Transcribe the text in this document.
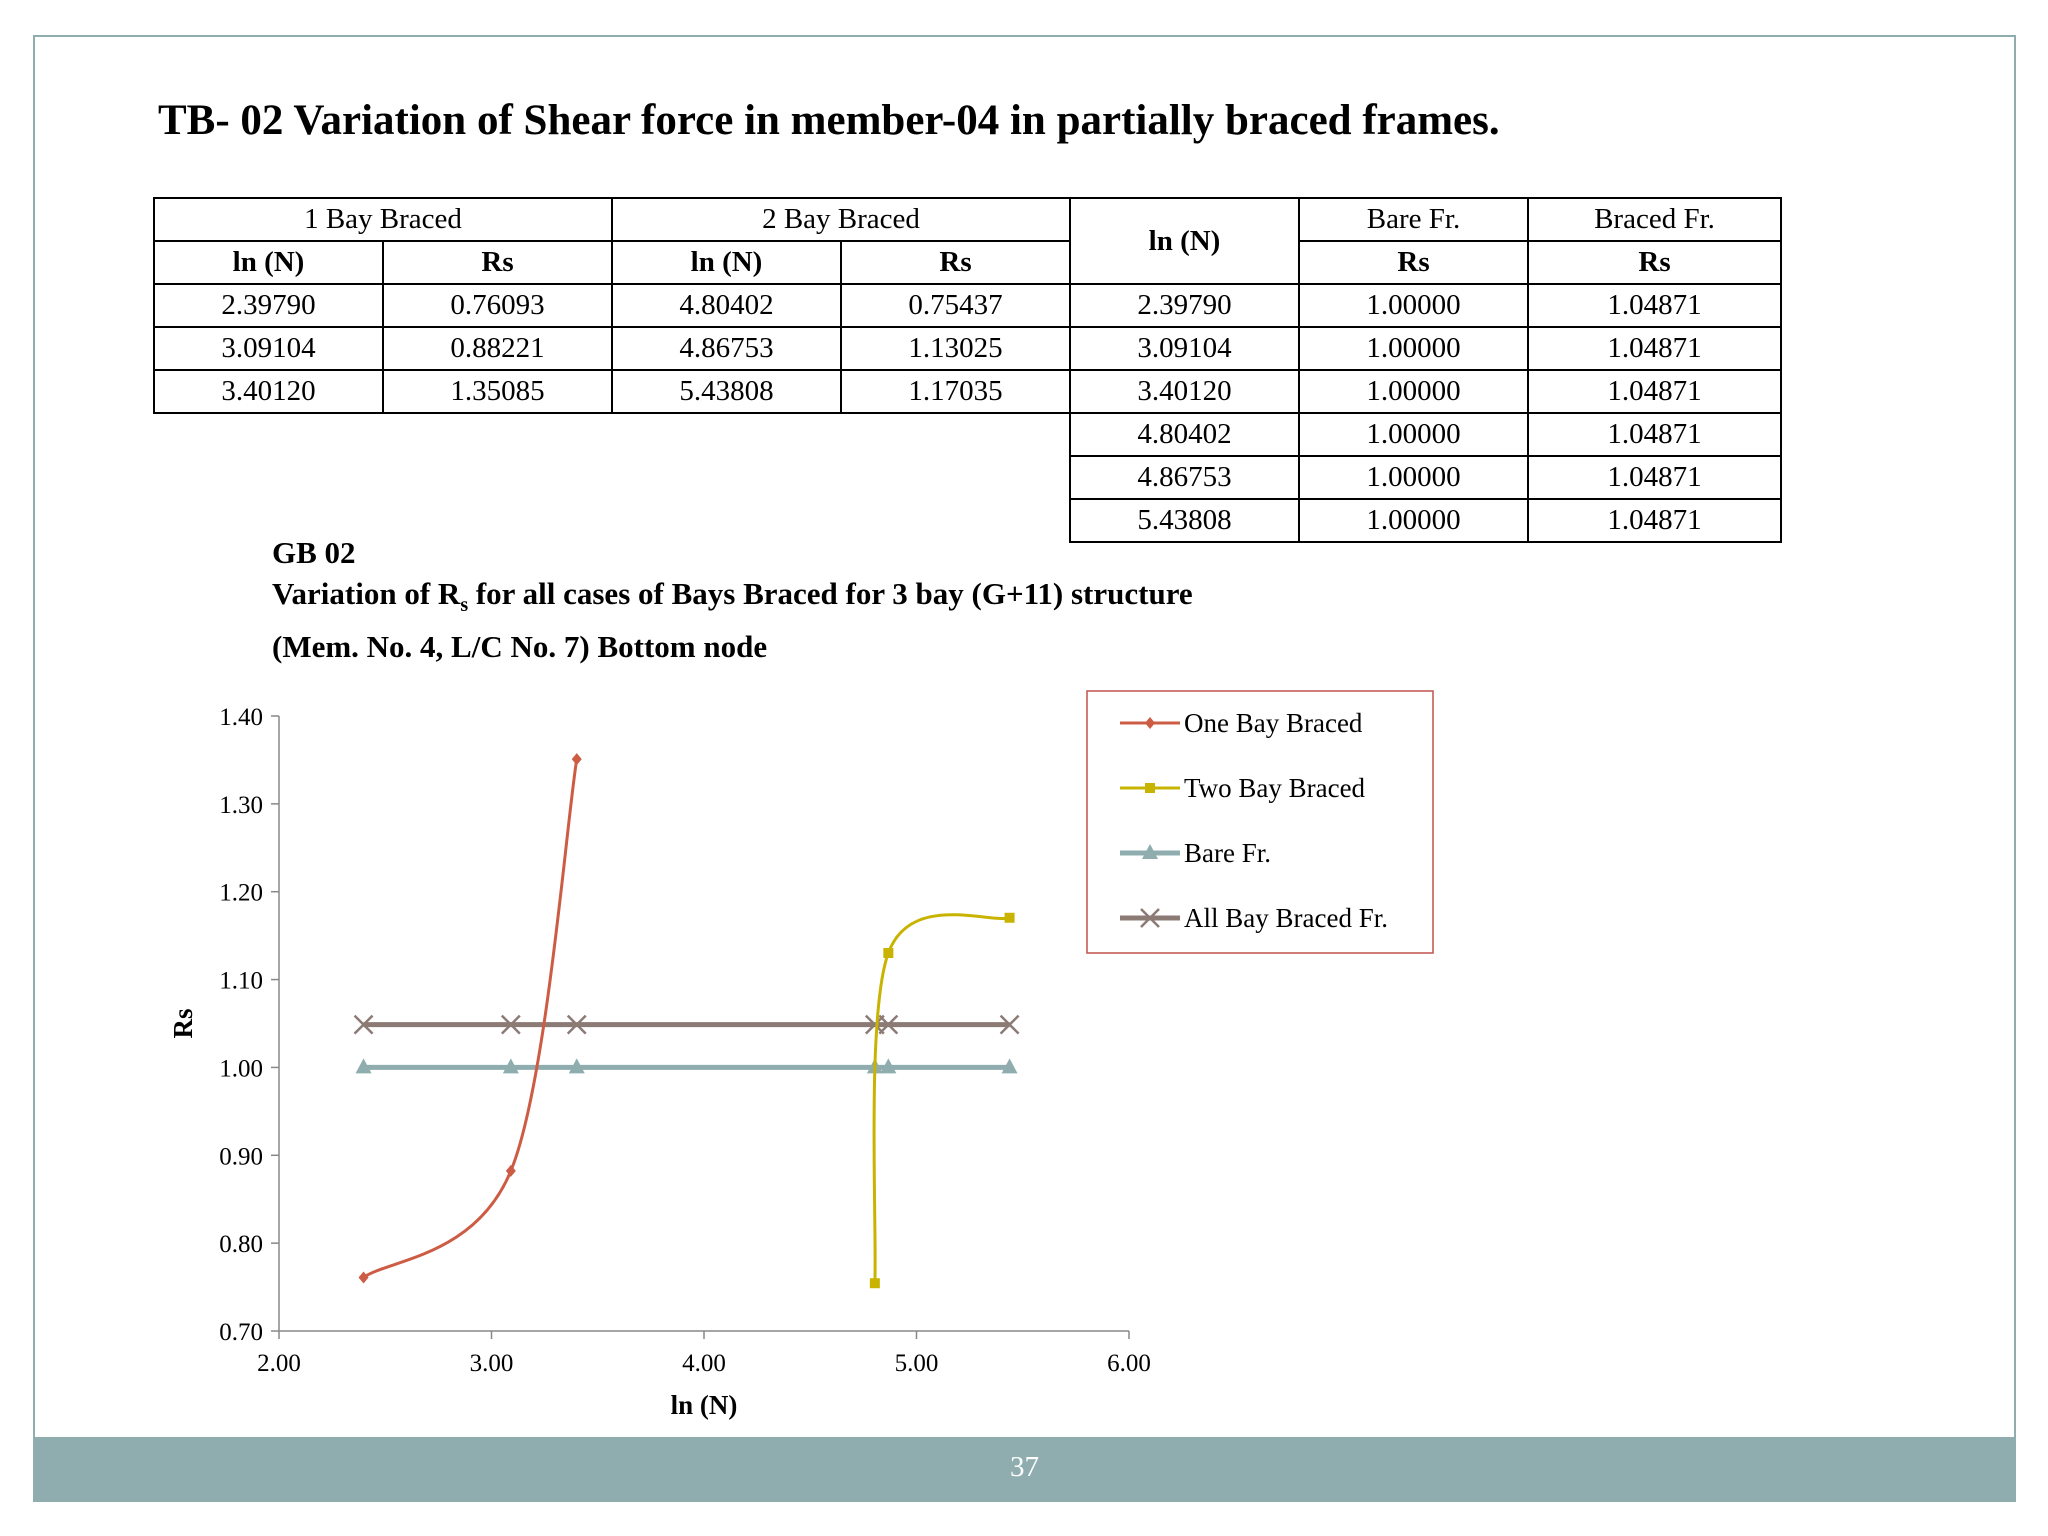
TB- 02 Variation of Shear force in member-04 in partially braced frames.
1 Bay Braced		2 Bay Braced		ln (N)	Bare Fr.	Braced Fr.
ln (N)	Rs	ln (N)	Rs		Rs	Rs
2.39790	0.76093	4.80402	0.75437	2.39790	1.00000	1.04871
3.09104	0.88221	4.86753	1.13025	3.09104	1.00000	1.04871
3.40120	1.35085	5.43808	1.17035	3.40120	1.00000	1.04871
				4.80402	1.00000	1.04871
				4.86753	1.00000	1.04871
				5.43808	1.00000	1.04871
GB 02
Variation of $R_s$ for all cases of Bays Braced for 3 bay (G+11) structure
(Mem. No. 4, L/C No. 7) Bottom node
0.70
0.80
0.90
1.00
1.10
1.20
1.30
1.40
2.00	3.00	4.00	5.00	6.00
ln (N)
Rs
One Bay Braced
Two Bay Braced
Bare Fr.
All Bay Braced Fr.
37
